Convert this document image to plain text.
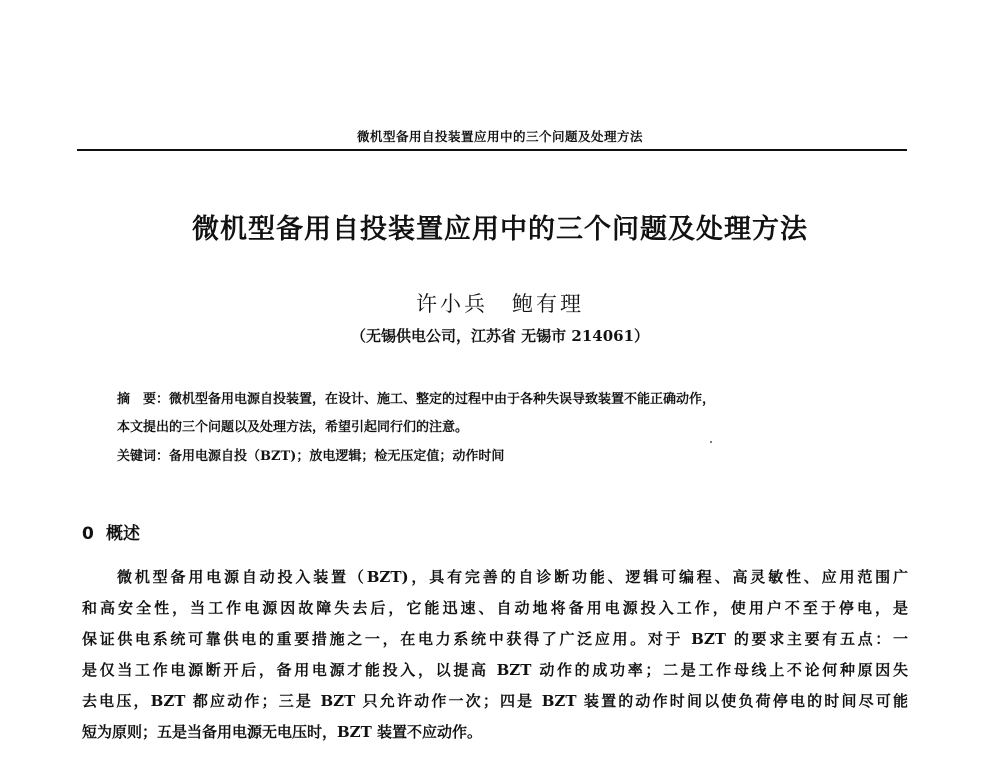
微机型备用自投装置应用中的三个问题及处理方法
微机型备用自投装置应用中的三个问题及处理方法
许小兵 鲍有理
（无锡供电公司，江苏省 无锡市 214061）
摘　要：微机型备用电源自投装置，在设计、施工、整定的过程中由于各种失误导致装置不能正确动作，
本文提出的三个问题以及处理方法，希望引起同行们的注意。
关键词：备用电源自投（BZT)；放电逻辑；检无压定值；动作时间
0 概述
微机型备用电源自动投入装置（BZT)，具有完善的自诊断功能、逻辑可编程、高灵敏性、应用范围广
和高安全性，当工作电源因故障失去后，它能迅速、自动地将备用电源投入工作，使用户不至于停电，是
保证供电系统可靠供电的重要措施之一，在电力系统中获得了广泛应用。对于 BZT 的要求主要有五点：一
是仅当工作电源断开后，备用电源才能投入，以提高 BZT 动作的成功率；二是工作母线上不论何种原因失
去电压，BZT 都应动作；三是 BZT 只允许动作一次；四是 BZT 装置的动作时间以使负荷停电的时间尽可能
短为原则；五是当备用电源无电压时，BZT 装置不应动作。
